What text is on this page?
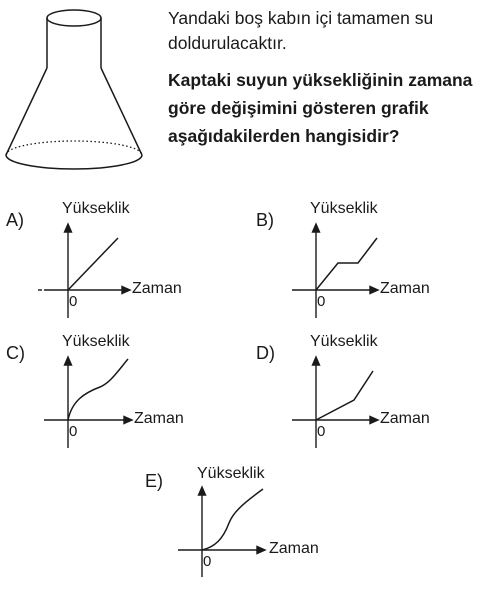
Yandaki boş kabın içi tamamen su doldurulacaktır.

Kaptaki suyun yüksekliğinin zamana göre değişimini gösteren grafik aşağıdakilerden hangisidir?

A)
Yükseklik
Zaman
0
B)
Yükseklik
Zaman
0
C)
Yükseklik
Zaman
0
D)
Yükseklik
Zaman
0
E) Yükseklik
Zaman
0
